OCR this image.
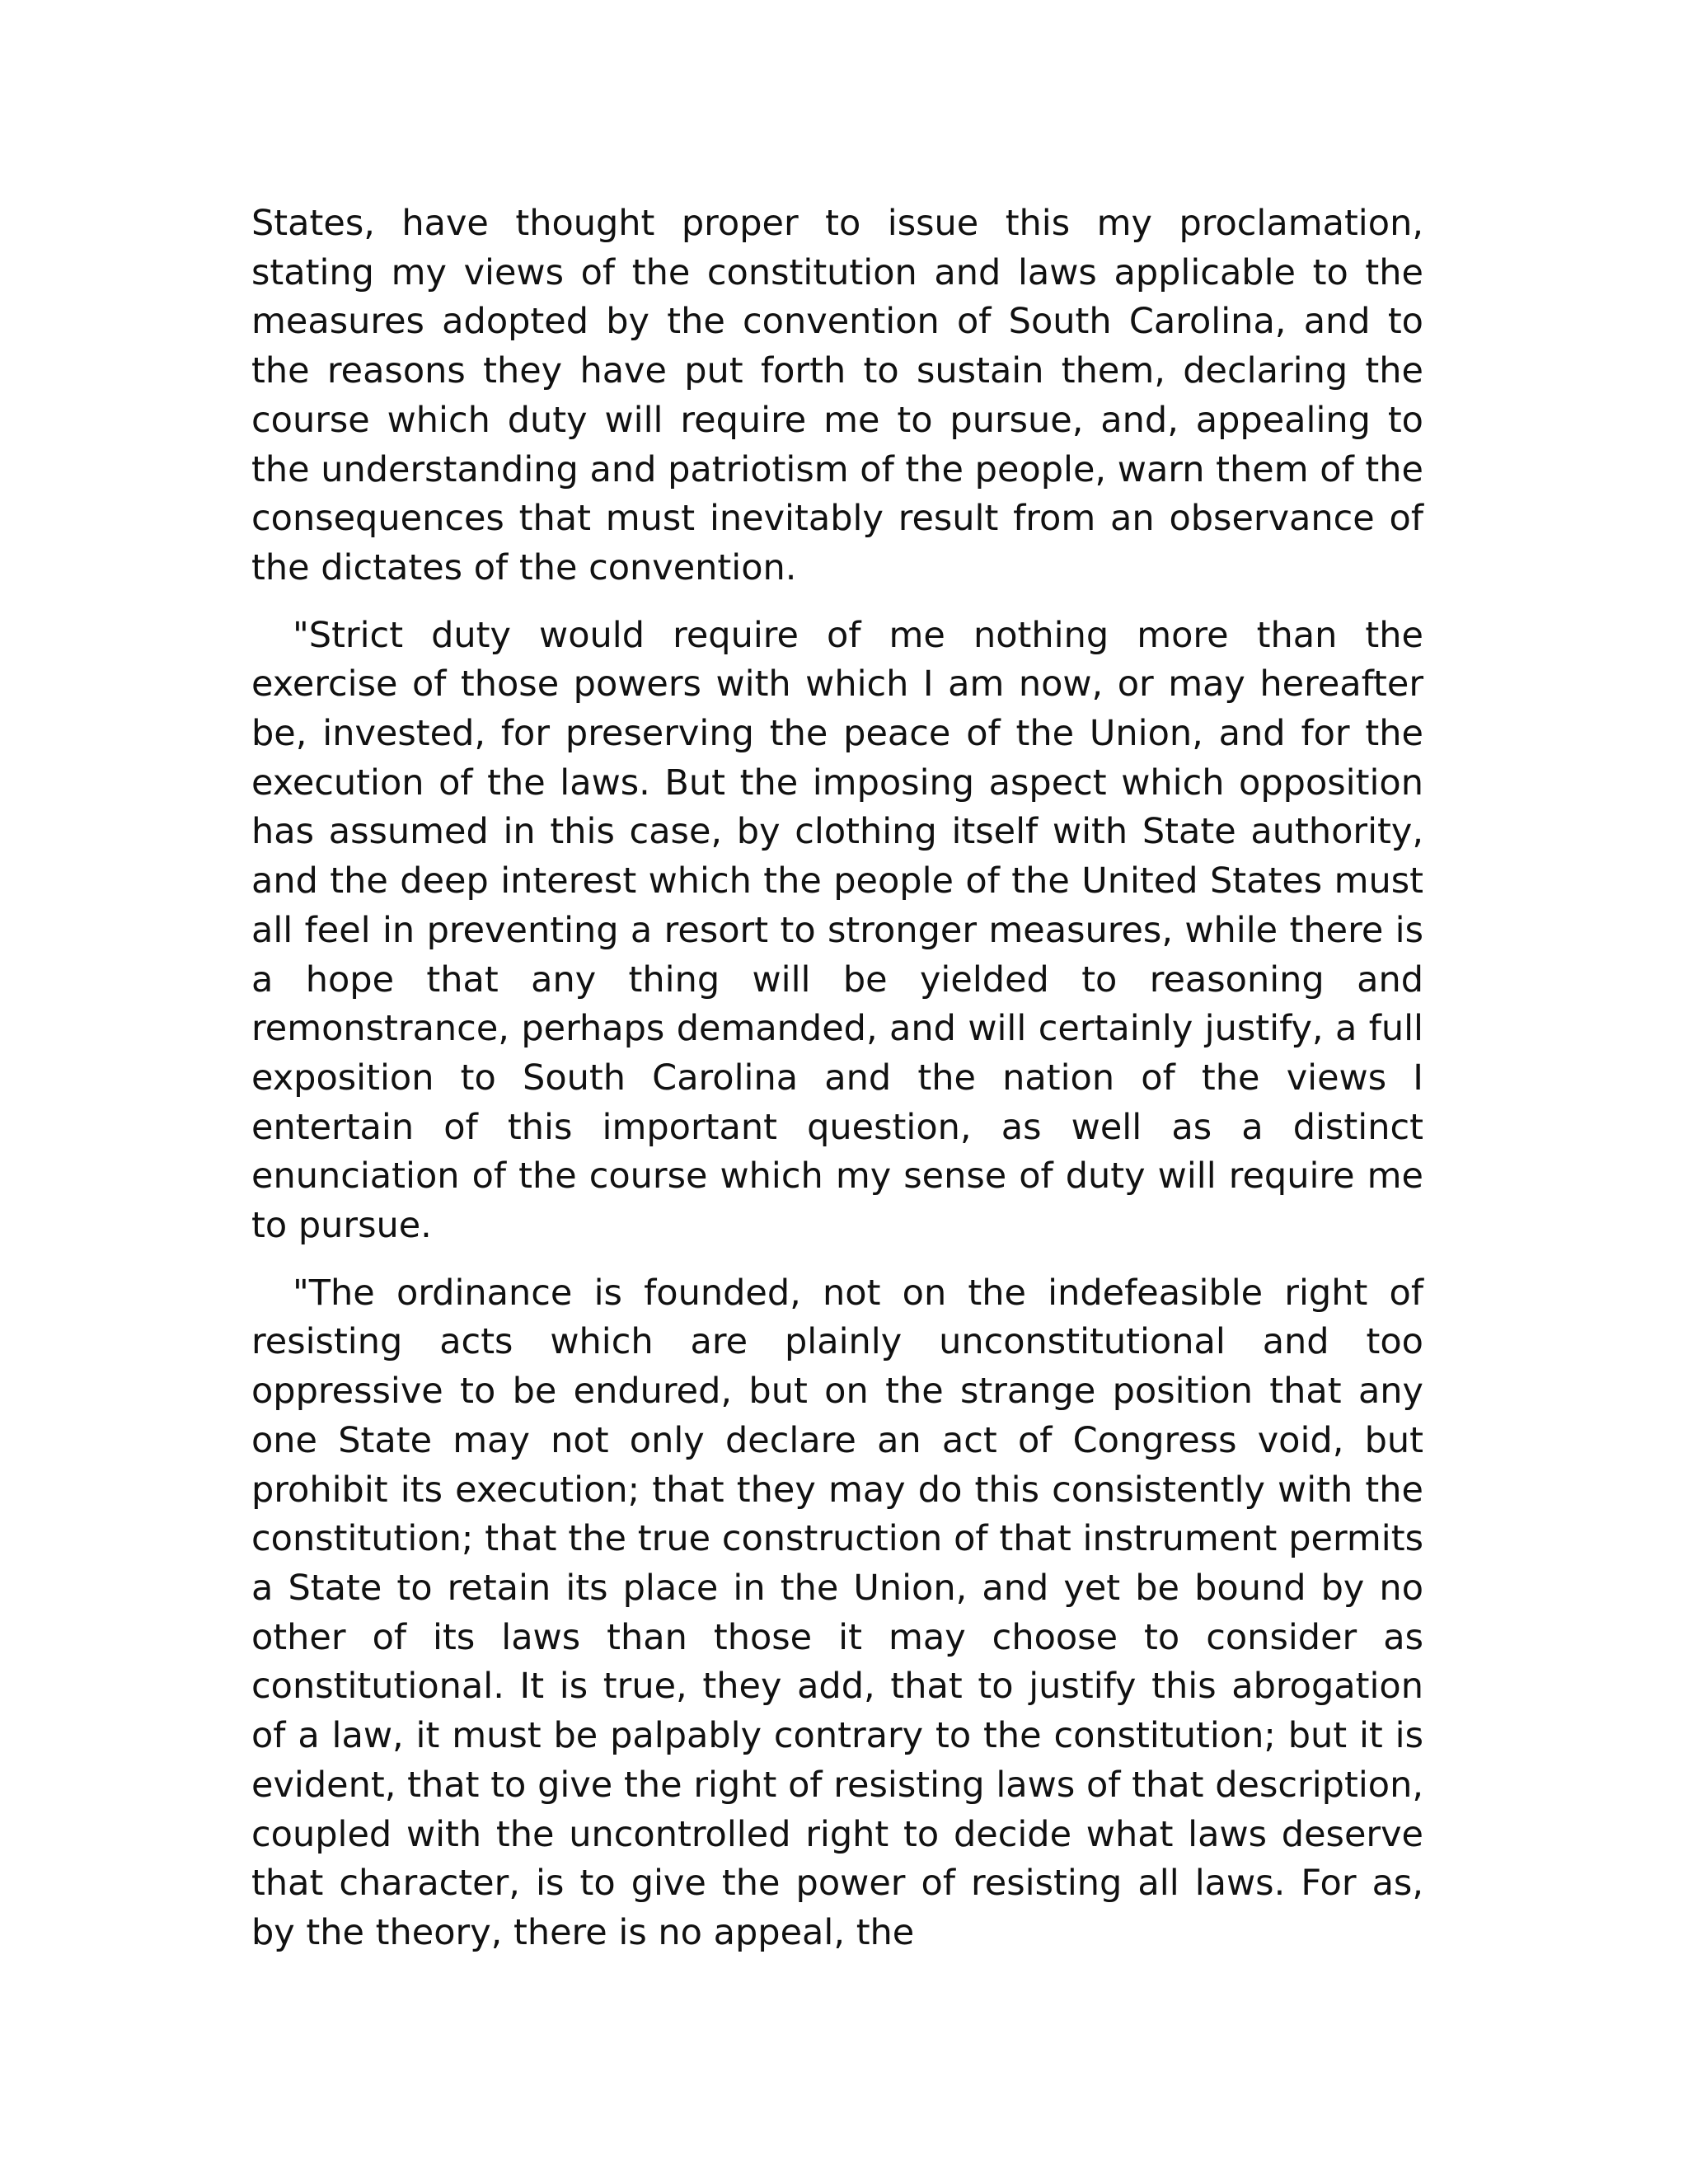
States, have thought proper to issue this my proclamation, stating my views of the constitution and laws applicable to the measures adopted by the convention of South Carolina, and to the reasons they have put forth to sustain them, declaring the course which duty will require me to pursue, and, appealing to the understanding and patriotism of the people, warn them of the consequences that must inevitably result from an observance of the dictates of the convention.

"Strict duty would require of me nothing more than the exercise of those powers with which I am now, or may hereafter be, invested, for preserving the peace of the Union, and for the execution of the laws. But the imposing aspect which opposition has assumed in this case, by clothing itself with State authority, and the deep interest which the people of the United States must all feel in preventing a resort to stronger measures, while there is a hope that any thing will be yielded to reasoning and remonstrance, perhaps demanded, and will certainly justify, a full exposition to South Carolina and the nation of the views I entertain of this important question, as well as a distinct enunciation of the course which my sense of duty will require me to pursue.

"The ordinance is founded, not on the indefeasible right of resisting acts which are plainly unconstitutional and too oppressive to be endured, but on the strange position that any one State may not only declare an act of Congress void, but prohibit its execution; that they may do this consistently with the constitution; that the true construction of that instrument permits a State to retain its place in the Union, and yet be bound by no other of its laws than those it may choose to consider as constitutional. It is true, they add, that to justify this abrogation of a law, it must be palpably contrary to the constitution; but it is evident, that to give the right of resisting laws of that description, coupled with the uncontrolled right to decide what laws deserve that character, is to give the power of resisting all laws. For as, by the theory, there is no appeal, the
